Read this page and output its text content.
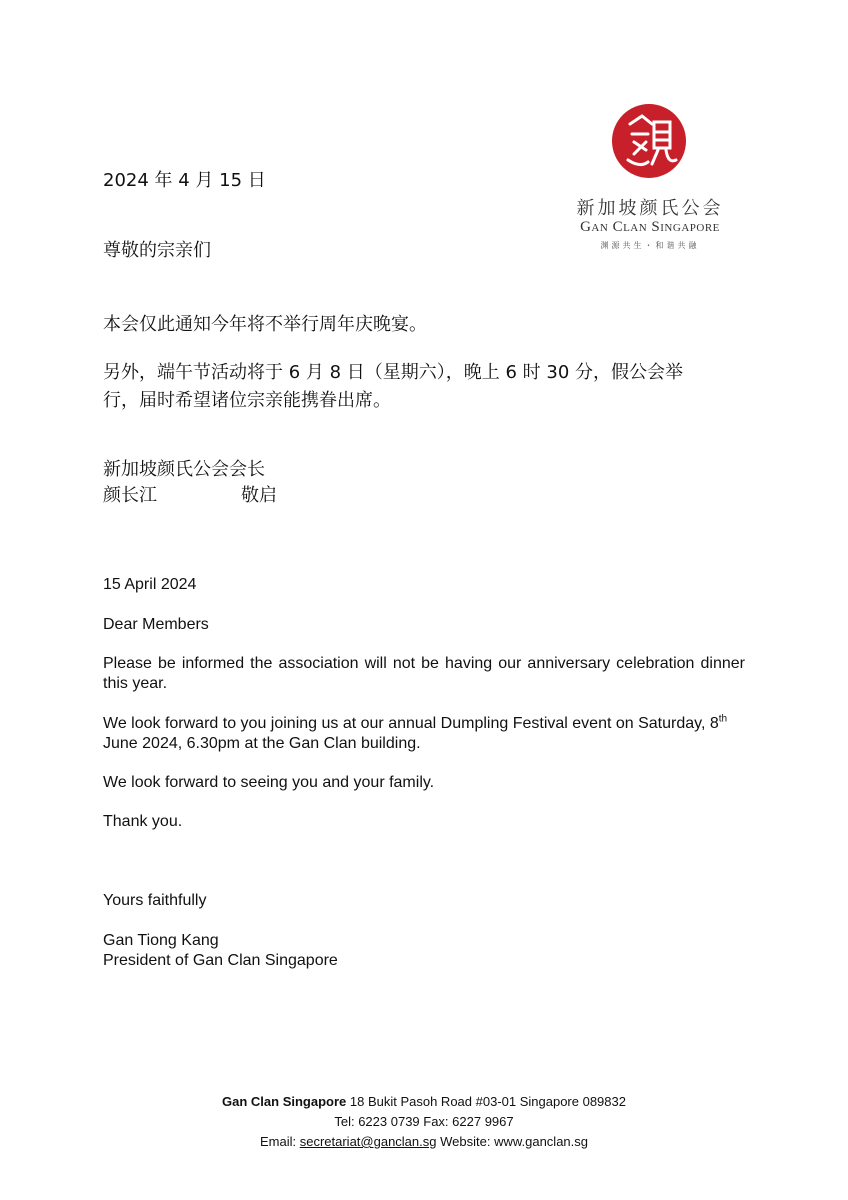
新加坡颜氏公会
Gan Clan Singapore
渊源共生・和谐共融
2024 年 4 月 15 日
尊敬的宗亲们
本会仅此通知今年将不举行周年庆晚宴。
另外，端午节活动将于 6 月 8 日（星期六），晚上 6 时 30 分，假公会举
行，届时希望诸位宗亲能携眷出席。
新加坡颜氏公会会长
颜长江	敬启
15 April 2024
Dear Members
Please be informed the association will not be having our anniversary celebration dinner this year.
We look forward to you joining us at our annual Dumpling Festival event on Saturday, 8th June 2024, 6.30pm at the Gan Clan building.
We look forward to seeing you and your family.
Thank you.
Yours faithfully
Gan Tiong Kang
President of Gan Clan Singapore
Gan Clan Singapore 18 Bukit Pasoh Road #03-01 Singapore 089832
Tel: 6223 0739 Fax: 6227 9967
Email: secretariat@ganclan.sg Website: www.ganclan.sg
